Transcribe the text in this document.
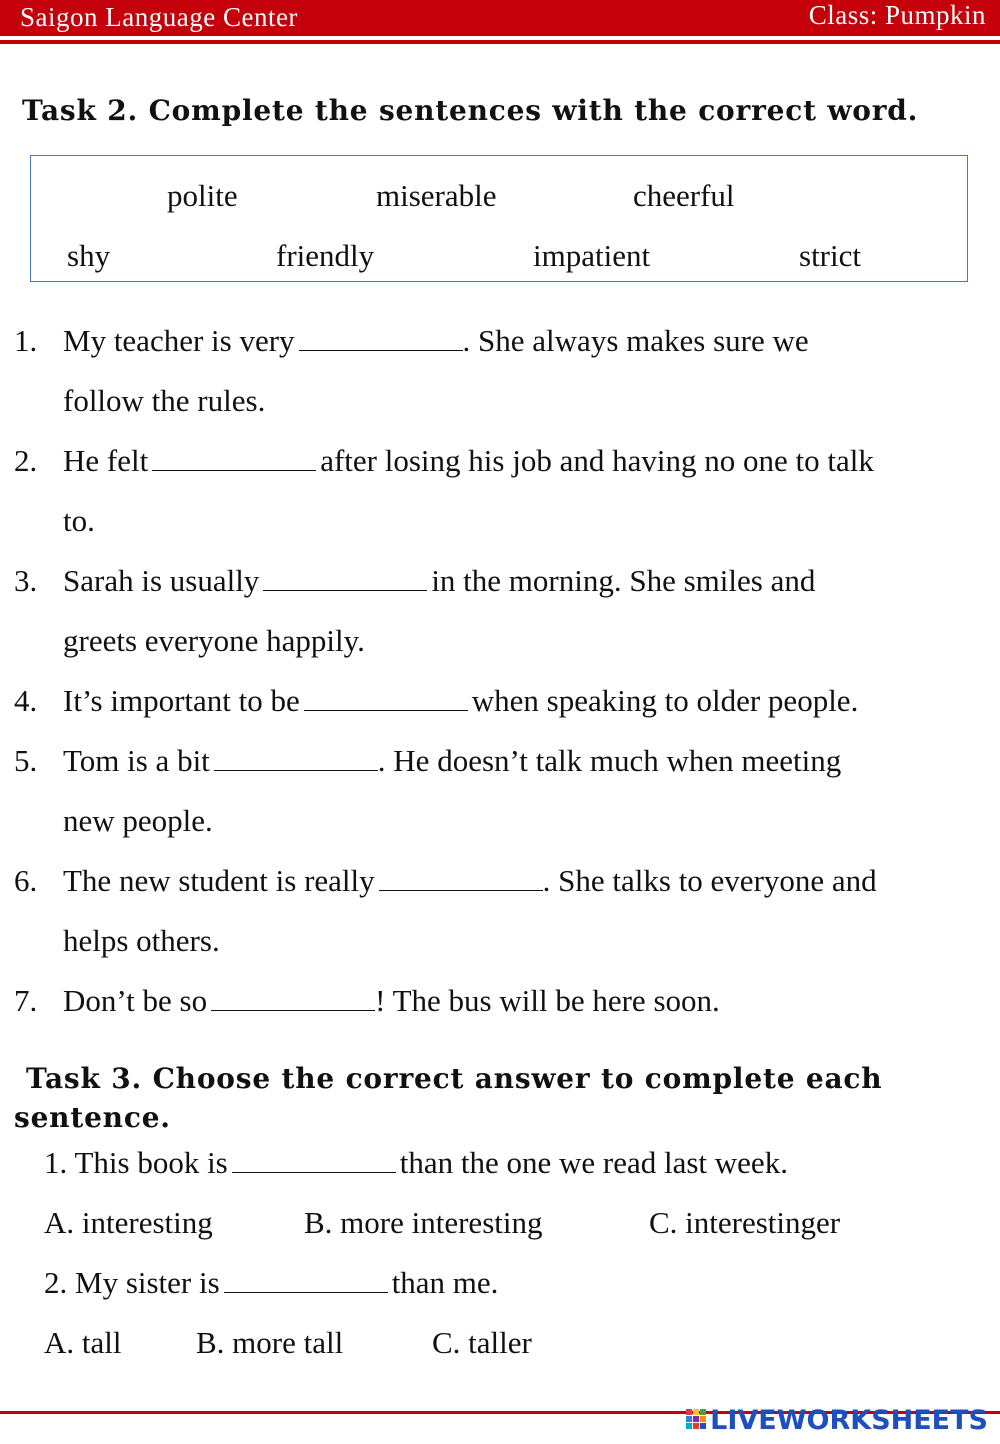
Saigon Language Center	Class: Pumpkin
Task 2. Complete the sentences with the correct word.
polite	miserable	cheerful
shy	friendly	impatient	strict
1. My teacher is very	. She always makes sure we
follow the rules.
2. He felt	after losing his job and having no one to talk
to.
3. Sarah is usually	in the morning. She smiles and
greets everyone happily.
4. It’s important to be	when speaking to older people.
5. Tom is a bit	. He doesn’t talk much when meeting
new people.
6. The new student is really	. She talks to everyone and
helps others.
7. Don’t be so	! The bus will be here soon.
Task 3. Choose the correct answer to complete each
sentence.
1. This book is	than the one we read last week.
A. interesting	B. more interesting	C. interestinger
2. My sister is	than me.
A. tall B. more tall	C. taller
LIVEWORKSHEETS
